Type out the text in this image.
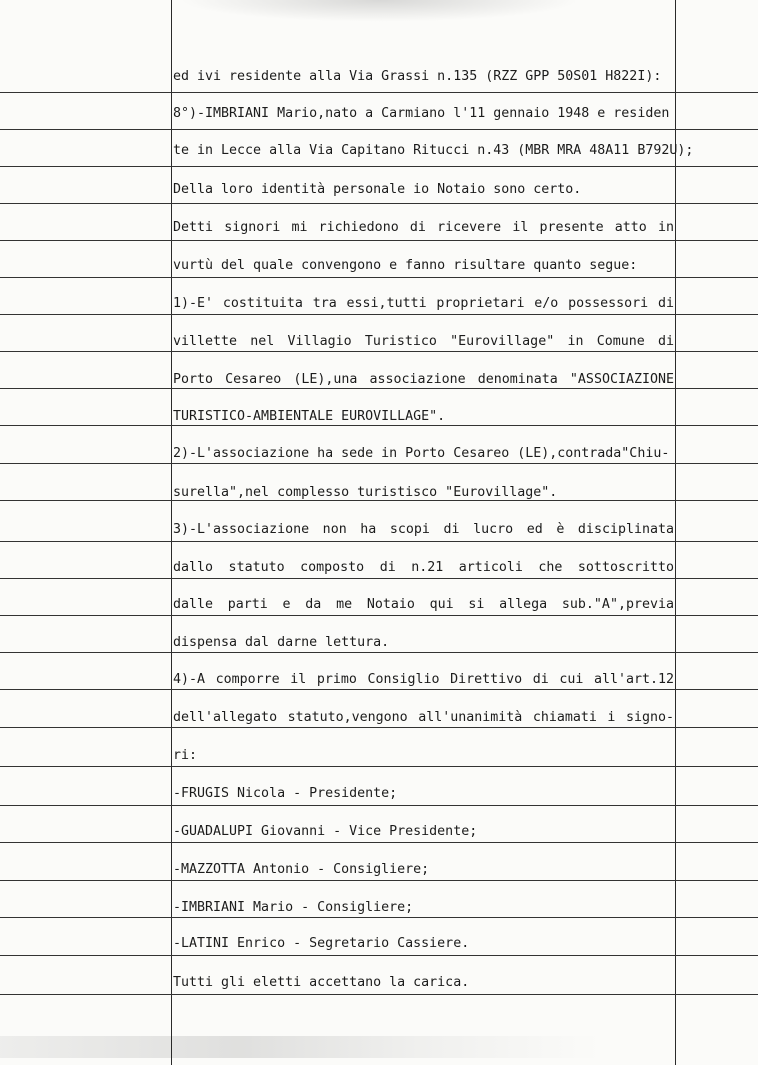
ed ivi residente alla Via Grassi n.135 (RZZ GPP 50S01 H822I):
8°)-IMBRIANI Mario,nato a Carmiano l'11 gennaio 1948 e residen
te in Lecce alla Via Capitano Ritucci n.43 (MBR MRA 48A11 B792U);
Della loro identità personale io Notaio sono certo.
Detti signori mi richiedono di ricevere il presente atto in
vurtù del quale convengono e fanno risultare quanto segue:
1)-E' costituita tra essi,tutti proprietari e/o possessori di
villette nel Villagio Turistico "Eurovillage" in Comune di
Porto Cesareo (LE),una associazione denominata "ASSOCIAZIONE
TURISTICO-AMBIENTALE EUROVILLAGE".
2)-L'associazione ha sede in Porto Cesareo (LE),contrada"Chiu-
surella",nel complesso turistisco "Eurovillage".
3)-L'associazione non ha scopi di lucro ed è disciplinata
dallo statuto composto di n.21 articoli che sottoscritto
dalle parti e da me Notaio qui si allega sub."A",previa
dispensa dal darne lettura.
4)-A comporre il primo Consiglio Direttivo di cui all'art.12
dell'allegato statuto,vengono all'unanimità chiamati i signo-
ri:
-FRUGIS Nicola - Presidente;
-GUADALUPI Giovanni - Vice Presidente;
-MAZZOTTA Antonio - Consigliere;
-IMBRIANI Mario - Consigliere;
-LATINI Enrico - Segretario Cassiere.
Tutti gli eletti accettano la carica.
